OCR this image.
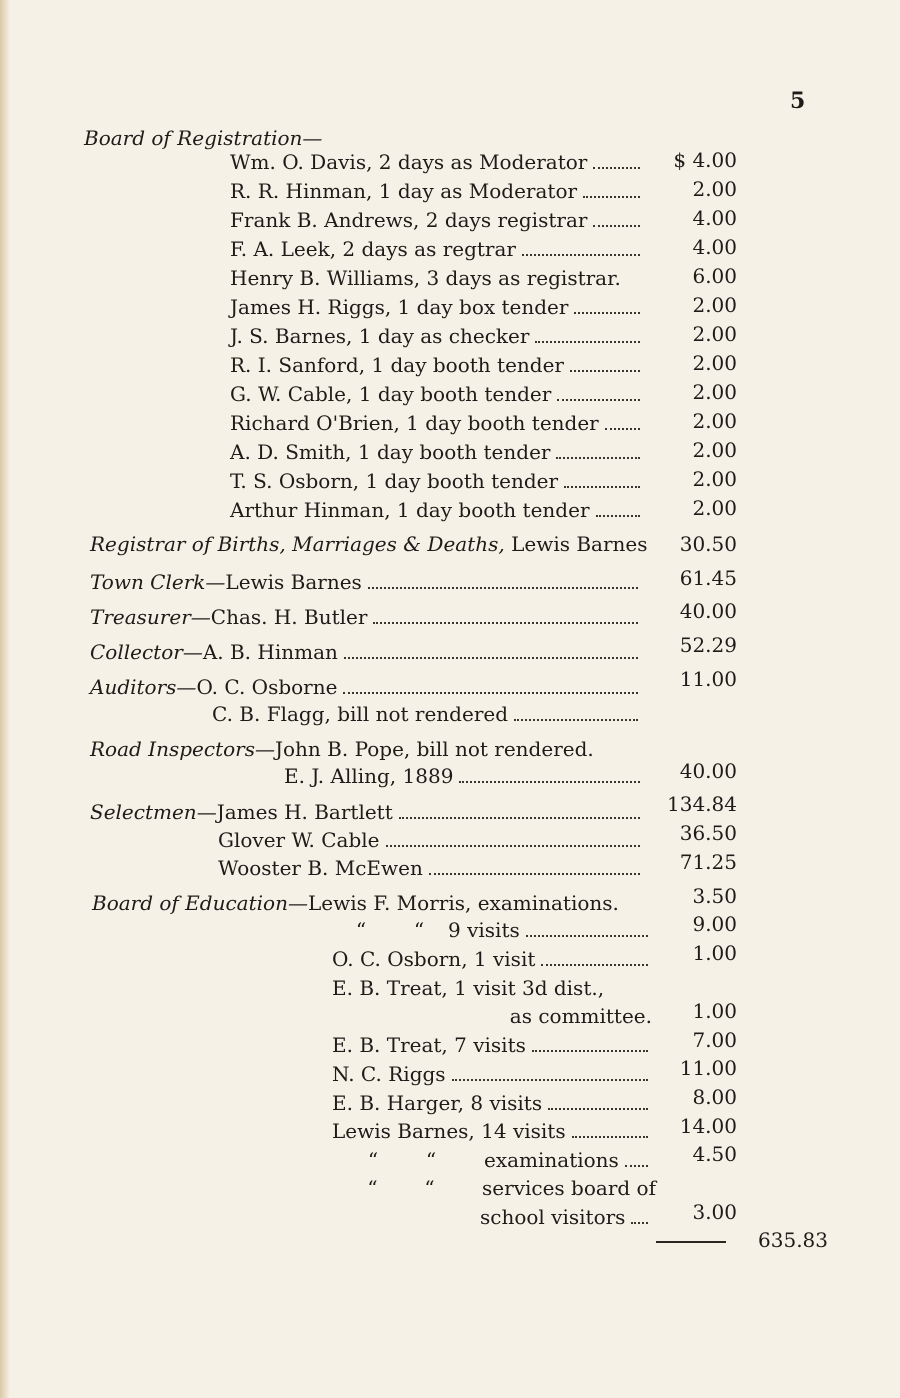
5
Board of Registration—
Wm. O. Davis, 2 days as Moderator	$ 4.00
R. R. Hinman, 1 day as Moderator	2.00
Frank B. Andrews, 2 days registrar	4.00
F. A. Leek, 2 days as regtrar	4.00
Henry B. Williams, 3 days as registrar.	6.00
James H. Riggs, 1 day box tender	2.00
J. S. Barnes, 1 day as checker	2.00
R. I. Sanford, 1 day booth tender	2.00
G. W. Cable, 1 day booth tender	2.00
Richard O'Brien, 1 day booth tender	2.00
A. D. Smith, 1 day booth tender	2.00
T. S. Osborn, 1 day booth tender	2.00
Arthur Hinman, 1 day booth tender	2.00
Registrar of Births, Marriages & Deaths,
Lewis Barnes	30.50
Town Clerk— Lewis Barnes	61.45
Treasurer— Chas. H. Butler	40.00
Collector— A. B. Hinman	52.29
Auditors— O. C. Osborne	11.00
C. B. Flagg, bill not rendered
Road Inspectors— John B. Pope, bill not rendered.
E. J. Alling, 1889	40.00
Selectmen— James H. Bartlett	134.84
Glover W. Cable	36.50
Wooster B. McEwen	71.25
Board of Education— Lewis F. Morris, examinations.	3.50
“	“	9 visits	9.00
O. C. Osborn, 1 visit	1.00
E. B. Treat, 1 visit 3d dist.,
as committee.	1.00
E. B. Treat, 7 visits	7.00
N. C. Riggs	11.00
E. B. Harger, 8 visits	8.00
Lewis Barnes, 14 visits	14.00
“	“	examinations	4.50
“	“	services board of
school visitors	3.00
635.83
